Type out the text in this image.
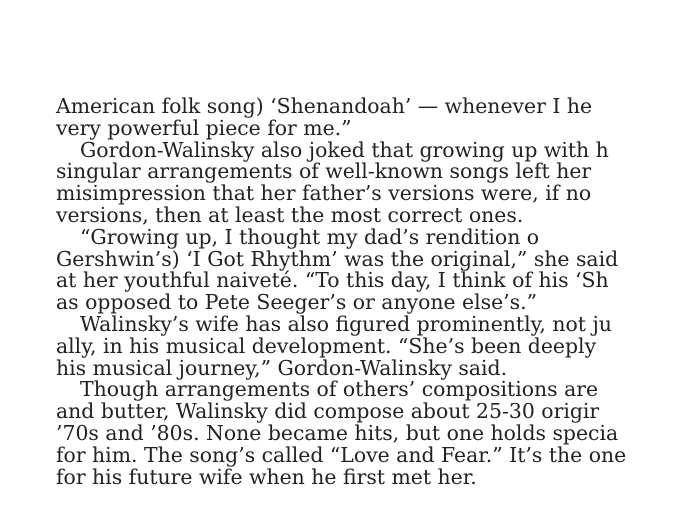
American folk song) ‘Shenandoah’ — whenever I he
very powerful piece for me.”
Gordon-Walinsky also joked that growing up with h
singular arrangements of well-known songs left her
misimpression that her father’s versions were, if no
versions, then at least the most correct ones.
“Growing up, I thought my dad’s rendition o
Gershwin’s) ‘I Got Rhythm’ was the original,” she said
at her youthful naiveté. “To this day, I think of his ‘Sh
as opposed to Pete Seeger’s or anyone else’s.”
Walinsky’s wife has also figured prominently, not ju
ally, in his musical development. “She’s been deeply
his musical journey,” Gordon-Walinsky said.
Though arrangements of others’ compositions are
and butter, Walinsky did compose about 25-30 origir
’70s and ’80s. None became hits, but one holds specia
for him. The song’s called “Love and Fear.” It’s the one
for his future wife when he first met her.
